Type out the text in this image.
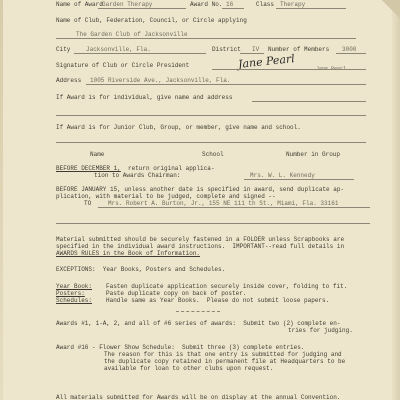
Name of Award Garden Therapy	Award No. 16	Class Therapy
Name of Club, Federation, Council, or Circle applying
The Garden Club of Jacksonville
City	Jacksonville, Fla.	District IV Number of Members 3000
Signature of Club or Circle President	Jane Pearl	Jane Pearl
Address 1005 Riverside Ave., Jacksonville, Fla.
If Award is for individual, give name and address
If Award is for Junior Club, Group, or member, give name and school.
Name	School	Number in Group
BEFORE DECEMBER 1, return original applica-
tion to Awards Chairman:	Mrs. W. L. Kennedy
BEFORE JANUARY 15, unless another date is specified in award, send duplicate ap-
plication, with material to be judged, complete and signed --
TO	Mrs. Robert A. Burton, Jr., 155 NE 111 th St., Miami, Fla. 33161
Material submitted should be securely fastened in a FOLDER unless Scrapbooks are
specified in the individual award instructions.  IMPORTANT--read full details in
AWARDS RULES in the Book of Information.
EXCEPTIONS:  Year Books, Posters and Schedules.
Year Book: Fasten duplicate application securely inside cover, folding to fit.
Posters:	Paste duplicate copy on back of poster.
Schedules: Handle same as Year Books.  Please do not submit loose papers.
Awards #1, 1-A, 2, and all of #6 series of awards:  Submit two (2) complete en-
tries for judging.
Award #16 - Flower Show Schedule:  Submit three (3) complete entries.
The reason for this is that one entry is submitted for judging and
the duplicate copy retained in permanent file at Headquarters to be
available for loan to other clubs upon request.
All materials submitted for Awards will be on display at the annual Convention.
